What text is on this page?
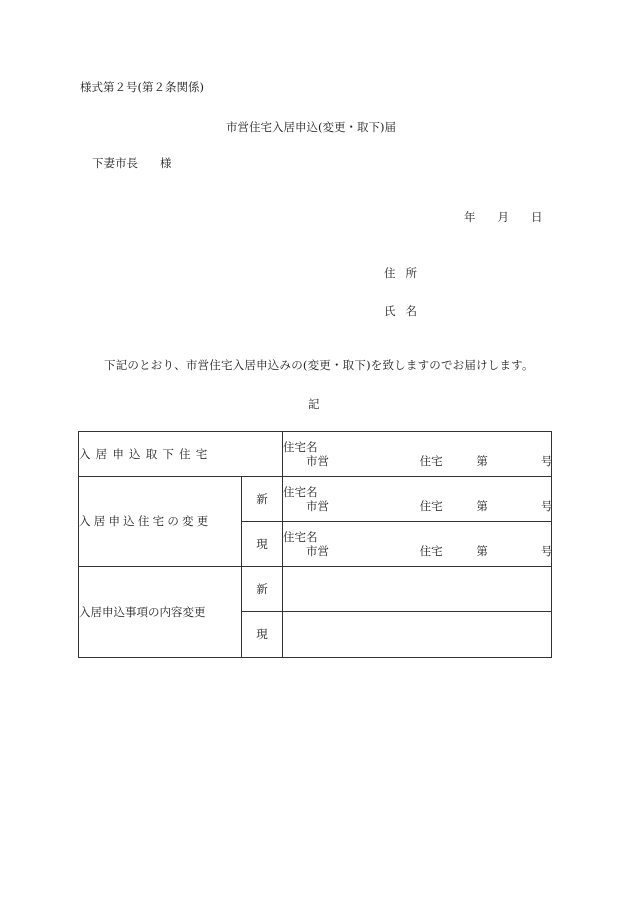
様式第２号(第２条関係)
市営住宅入居申込(変更・取下)届
下妻市長 様
年 月 日
住 所
氏 名
下記のとおり、市営住宅入居申込みの(変更・取下)を致しますのでお届けします。
記
入居申込取下住宅		住宅名
市営 住宅 第 号

入居申込住宅の変更	新	住宅名
市営 住宅 第 号

	現	住宅名
市営 住宅 第 号

入居申込事項の内容変更	新	
	現	
